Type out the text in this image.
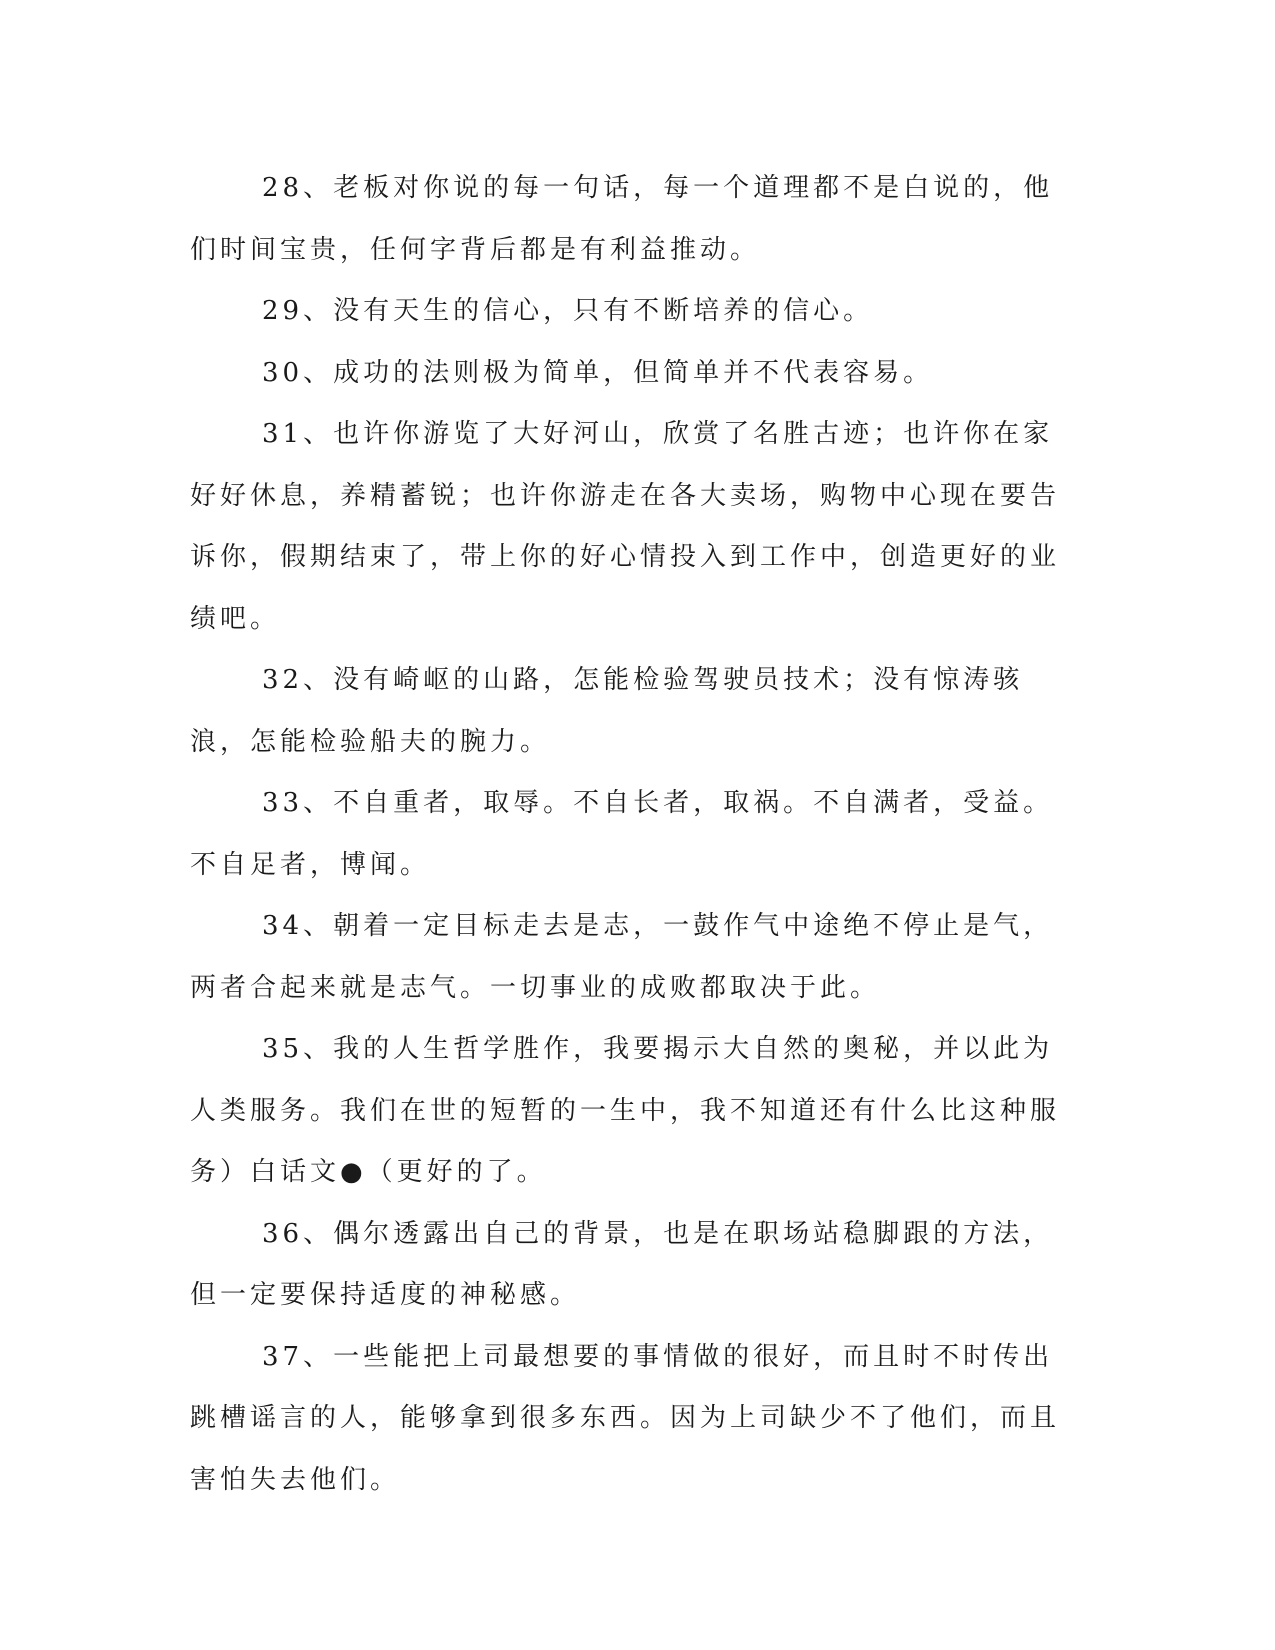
28、老板对你说的每一句话，每一个道理都不是白说的，他们时间宝贵，任何字背后都是有利益推动。

29、没有天生的信心，只有不断培养的信心。

30、成功的法则极为简单，但简单并不代表容易。

31、也许你游览了大好河山，欣赏了名胜古迹；也许你在家好好休息，养精蓄锐；也许你游走在各大卖场，购物中心现在要告诉你，假期结束了，带上你的好心情投入到工作中，创造更好的业绩吧。

32、没有崎岖的山路，怎能检验驾驶员技术；没有惊涛骇浪，怎能检验船夫的腕力。

33、不自重者，取辱。不自长者，取祸。不自满者，受益。不自足者，博闻。

34、朝着一定目标走去是志，一鼓作气中途绝不停止是气，两者合起来就是志气。一切事业的成败都取决于此。

35、我的人生哲学胜作，我要揭示大自然的奥秘，并以此为人类服务。我们在世的短暂的一生中，我不知道还有什么比这种服务）白话文●（更好的了。

36、偶尔透露出自己的背景，也是在职场站稳脚跟的方法，但一定要保持适度的神秘感。

37、一些能把上司最想要的事情做的很好，而且时不时传出跳槽谣言的人，能够拿到很多东西。因为上司缺少不了他们，而且害怕失去他们。
